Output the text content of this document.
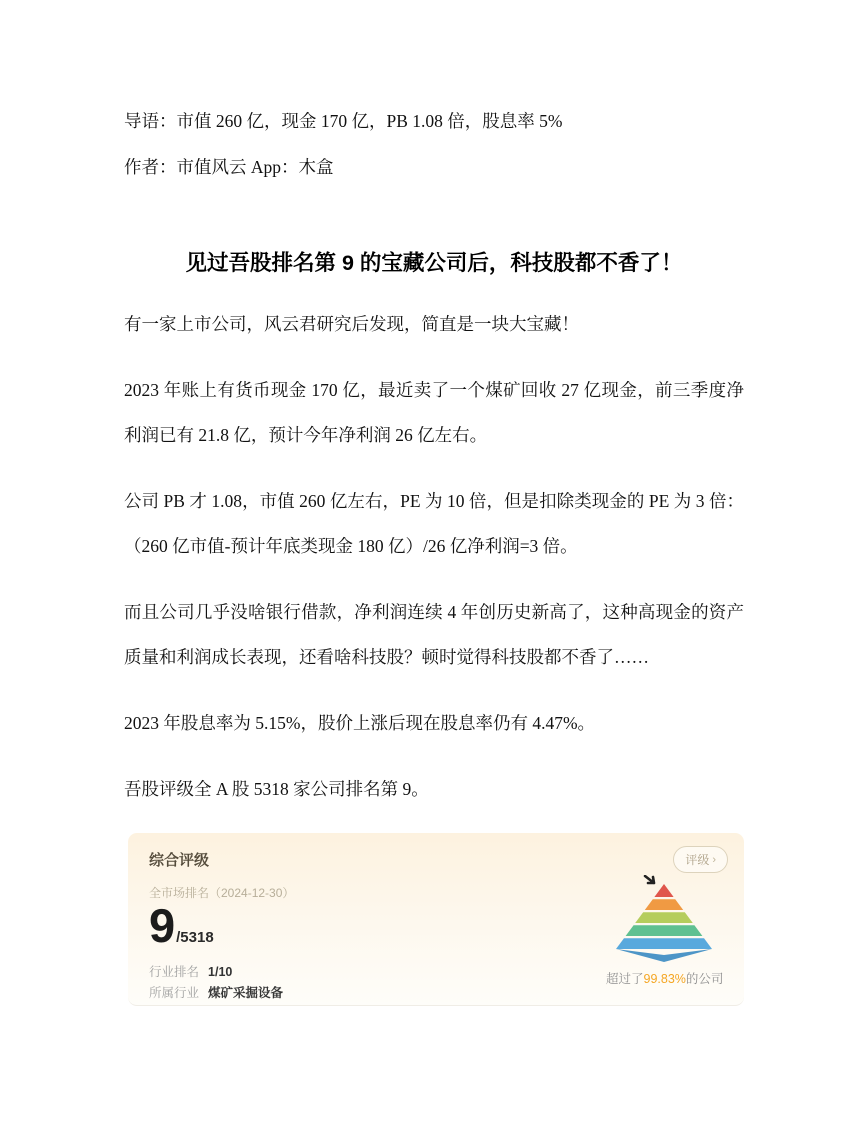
导语：市值 260 亿，现金 170 亿，PB 1.08 倍，股息率 5%
作者：市值风云 App：木盒
见过吾股排名第 9 的宝藏公司后，科技股都不香了！

有一家上市公司，风云君研究后发现，简直是一块大宝藏！

2023 年账上有货币现金 170 亿，最近卖了一个煤矿回收 27 亿现金，前三季度净利润已有 21.8 亿，预计今年净利润 26 亿左右。

公司 PB 才 1.08，市值 260 亿左右，PE 为 10 倍，但是扣除类现金的 PE 为 3 倍： （260 亿市值-预计年底类现金 180 亿）/26 亿净利润=3 倍。

而且公司几乎没啥银行借款，净利润连续 4 年创历史新高了，这种高现金的资产质量和利润成长表现，还看啥科技股？顿时觉得科技股都不香了……

2023 年股息率为 5.15%，股价上涨后现在股息率仍有 4.47%。

吾股评级全 A 股 5318 家公司排名第 9。

综合评级	评级 ›
全市场排名（2024-12-30）
9 /5318
行业排名 1/10
所属行业 煤矿采掘设备
超过了99.83%的公司
